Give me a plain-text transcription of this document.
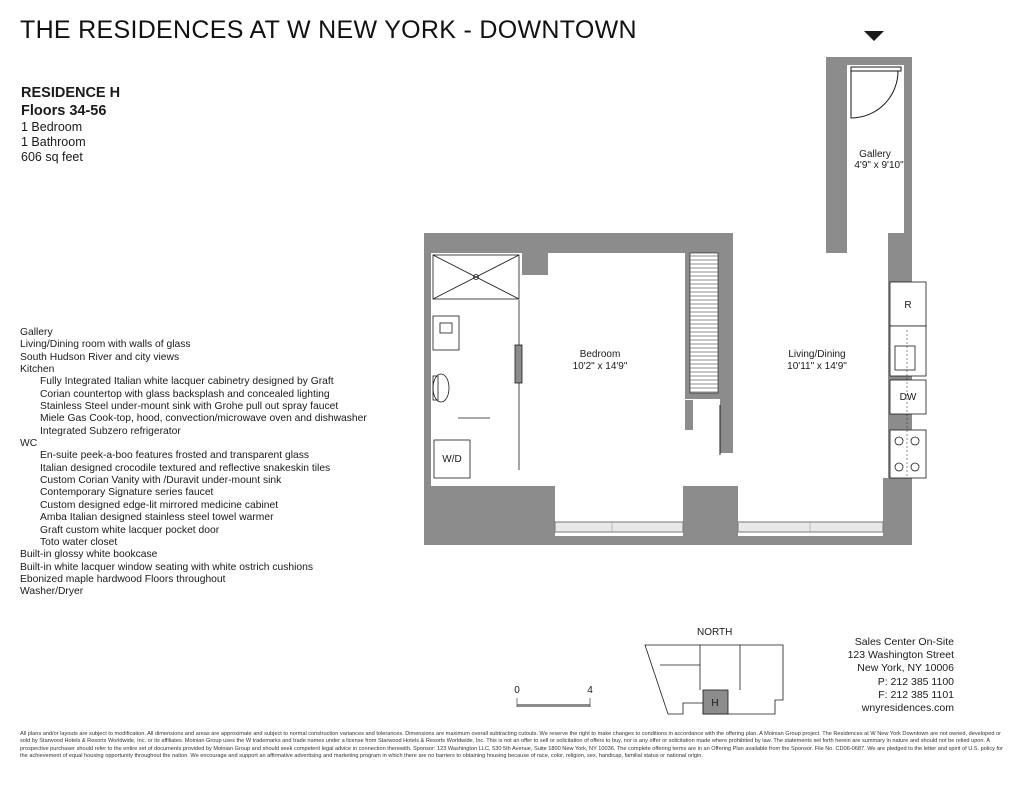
THE RESIDENCES AT W NEW YORK - DOWNTOWN
RESIDENCE H
Floors 34-56
1 Bedroom
1 Bathroom
606 sq feet
Gallery
Living/Dining room with walls of glass
South Hudson River and city views
Kitchen
Fully Integrated Italian white lacquer cabinetry designed by Graft
Corian countertop with glass backsplash and concealed lighting
Stainless Steel under-mount sink with Grohe pull out spray faucet
Miele Gas Cook-top, hood, convection/microwave oven and dishwasher
Integrated Subzero refrigerator
WC
En-suite peek-a-boo features frosted and transparent glass
Italian designed crocodile textured and reflective snakeskin tiles
Custom Corian Vanity with /Duravit under-mount sink
Contemporary Signature series faucet
Custom designed edge-lit mirrored medicine cabinet
Amba Italian designed stainless steel towel warmer
Graft custom white lacquer pocket door
Toto water closet
Built-in glossy white bookcase
Built-in white lacquer window seating with white ostrich cushions
Ebonized maple hardwood Floors throughout
Washer/Dryer
W/D
R
DW
Gallery
4'9" x 9'10"
Bedroom
10'2" x 14'9"
Living/Dining
10'11" x 14'9"
H
0	4
NORTH
Sales Center On-Site
123 Washington Street
New York, NY 10006
P: 212 385 1100
F: 212 385 1101
wnyresidences.com
All plans and/or layouts are subject to modification. All dimensions and areas are approximate and subject to normal construction variances and tolerances. Dimensions are maximum overall subtracting cutouts. We reserve the right to make changes to conditions in accordance with the offering plan. A Moinian Group project. The Residences at W New York Downtown are not owned, developed or sold by Starwood Hotels & Resorts Worldwide, Inc. or its affiliates. Moinian Group uses the W trademarks and trade names under a license from Starwood Hotels & Resorts Worldwide, Inc. This is not an offer to sell or solicitation of offers to buy, nor is any offer or solicitation made where prohibited by law. The statements set forth herein are summary in nature and should not be relied upon. A prospective purchaser should refer to the entire set of documents provided by Moinian Group and should seek competent legal advice in connection therewith. Sponsor: 123 Washington LLC, 530 5th Avenue, Suite 1800 New York, NY 10036. The complete offering terms are in an Offering Plan available from the Sponsor. File No. CD06-0687. We are pledged to the letter and spirit of U.S. policy for the achievement of equal housing opportunity throughout the nation. We encourage and support an affirmative advertising and marketing program in which there are no barriers to obtaining housing because of race, color, religion, sex, handicap, familial status or national origin.
